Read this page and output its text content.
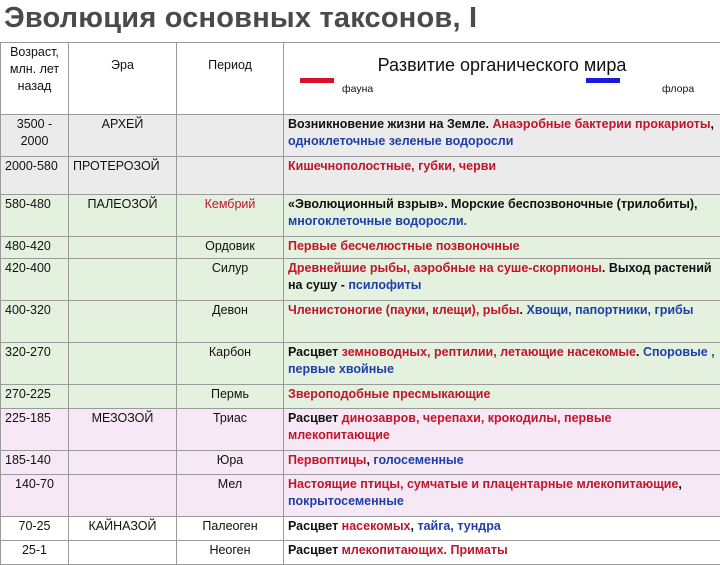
Эволюция основных таксонов, I
Возраст, млн. лет назад	Эра	Период	Развитие органического мира
фауна флора

3500 - 2000	АРХЕЙ		Возникновение жизни на Земле. Анаэробные бактерии прокариоты, одноклеточные зеленые водоросли
2000-580	ПРОТЕРОЗОЙ		Кишечнополостные, губки, черви
580-480	ПАЛЕОЗОЙ	Кембрий	«Эволюционный взрыв». Морские беспозвоночные (трилобиты), многоклеточные водоросли.
480-420		Ордовик	Первые бесчелюстные позвоночные
420-400		Силур	Древнейшие рыбы, аэробные на суше-скорпионы. Выход растений на сушу - псилофиты
400-320		Девон	Членистоногие (пауки, клещи), рыбы. Хвощи, папортники, грибы
320-270		Карбон	Расцвет земноводных, рептилии, летающие насекомые. Споровые , первые хвойные
270-225		Пермь	Звероподобные пресмыкающие
225-185	МЕЗОЗОЙ	Триас	Расцвет динозавров, черепахи, крокодилы, первые млекопитающие
185-140		Юра	Первоптицы, голосеменные
140-70		Мел	Настоящие птицы, сумчатые и плацентарные млекопитающие, покрытосеменные
70-25	КАЙНАЗОЙ	Палеоген	Расцвет насекомых, тайга, тундра
25-1		Неоген	Расцвет млекопитающих. Приматы
